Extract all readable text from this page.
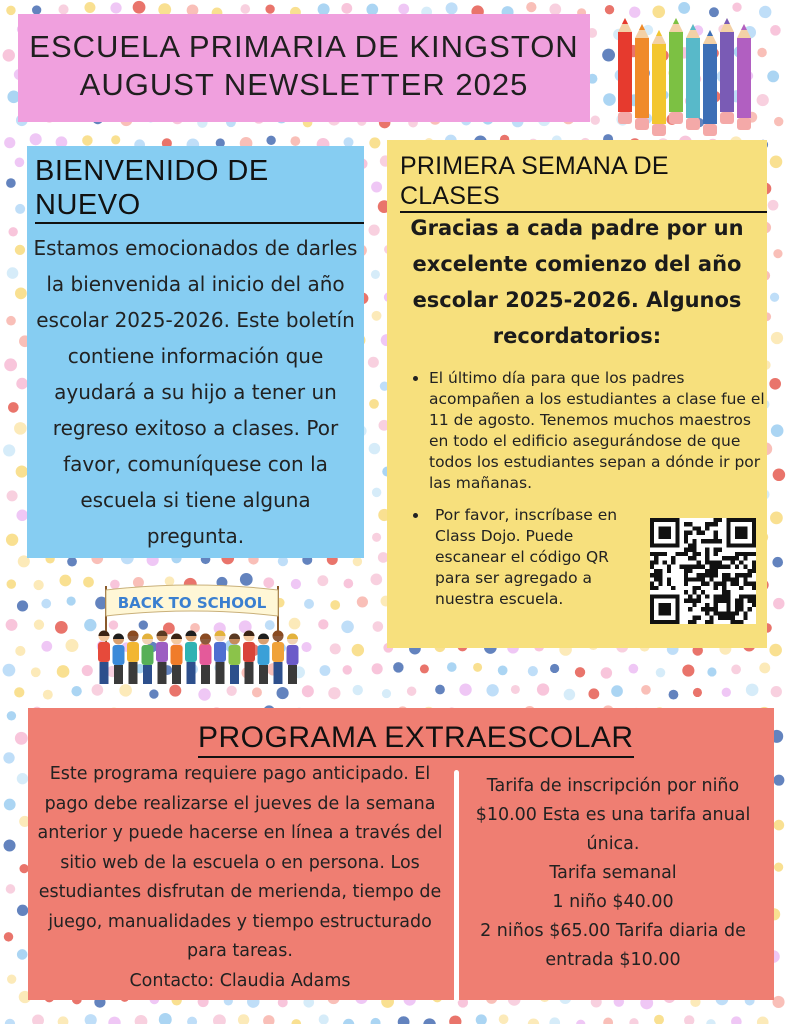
ESCUELA PRIMARIA DE KINGSTON
AUGUST NEWSLETTER 2025
BIENVENIDO DE NUEVO
Estamos emocionados de darles la bienvenida al inicio del año escolar 2025-2026. Este boletín contiene información que ayudará a su hijo a tener un regreso exitoso a clases. Por favor, comuníquese con la escuela si tiene alguna pregunta.
PRIMERA SEMANA DE CLASES
Gracias a cada padre por un excelente comienzo del año escolar 2025-2026. Algunos recordatorios:
• El último día para que los padres acompañen a los estudiantes a clase fue el 11 de agosto. Tenemos muchos maestros en todo el edificio asegurándose de que todos los estudiantes sepan a dónde ir por las mañanas.
• Por favor, inscríbase en Class Dojo. Puede escanear el código QR para ser agregado a nuestra escuela.
BACK TO SCHOOL
PROGRAMA EXTRAESCOLAR
Este programa requiere pago anticipado. El pago debe realizarse el jueves de la semana anterior y puede hacerse en línea a través del sitio web de la escuela o en persona. Los estudiantes disfrutan de merienda, tiempo de juego, manualidades y tiempo estructurado para tareas.
Contacto: Claudia Adams
Tarifa de inscripción por niño $10.00 Esta es una tarifa anual única.
Tarifa semanal
1 niño $40.00
2 niños $65.00 Tarifa diaria de entrada $10.00
